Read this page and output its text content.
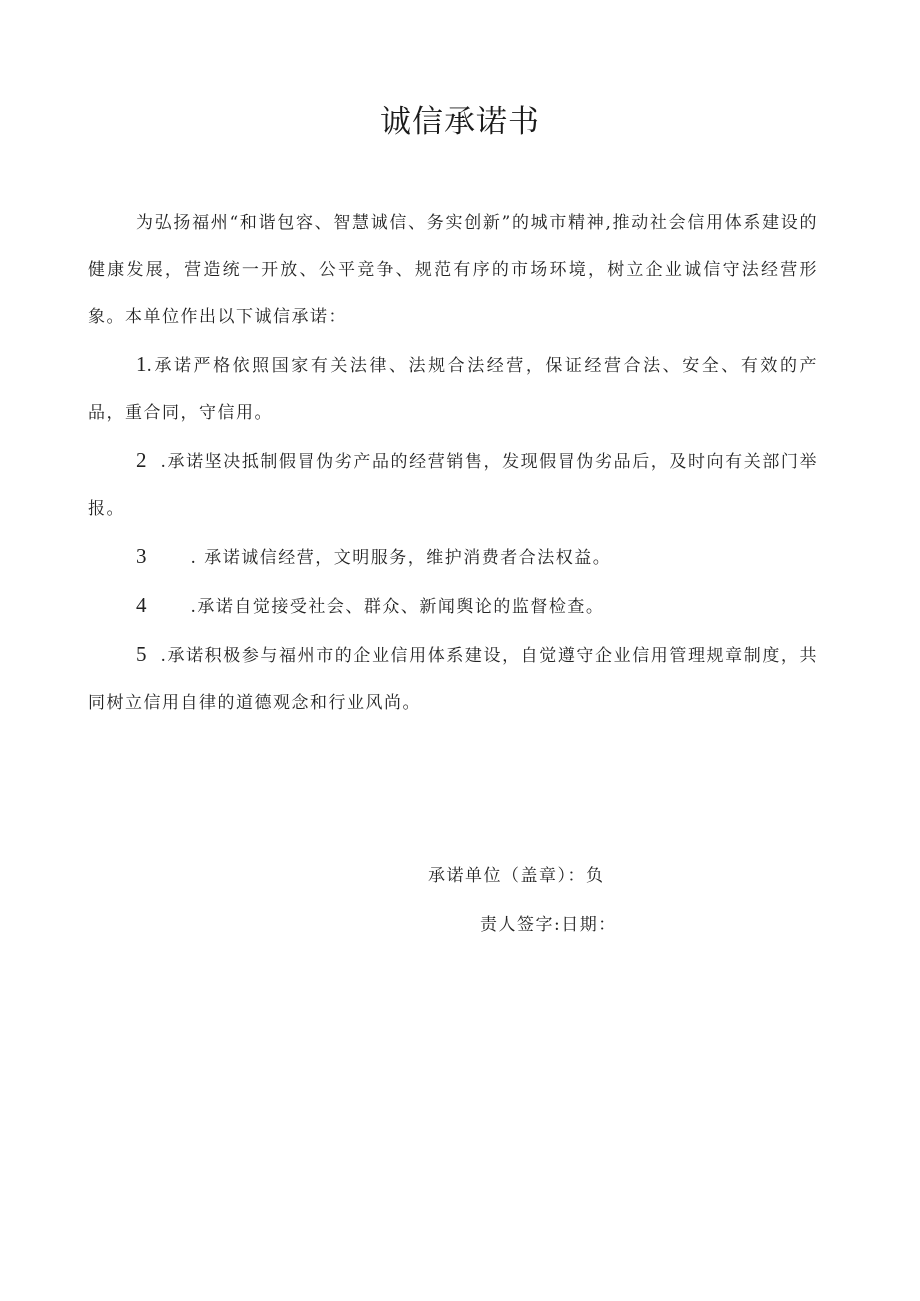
诚信承诺书

为弘扬福州“和谐包容、智慧诚信、务实创新”的城市精神,推动社会信用体系建设的健康发展，营造统一开放、公平竞争、规范有序的市场环境，树立企业诚信守法经营形象。本单位作出以下诚信承诺：

1.承诺严格依照国家有关法律、法规合法经营，保证经营合法、安全、有效的产品，重合同，守信用。

2 .承诺坚决抵制假冒伪劣产品的经营销售，发现假冒伪劣品后，及时向有关部门举报。

3	. 承诺诚信经营，文明服务，维护消费者合法权益。

4	.承诺自觉接受社会、群众、新闻舆论的监督检查。

5 .承诺积极参与福州市的企业信用体系建设，自觉遵守企业信用管理规章制度，共同树立信用自律的道德观念和行业风尚。

承诺单位（盖章）：负
责人签字:日期：
